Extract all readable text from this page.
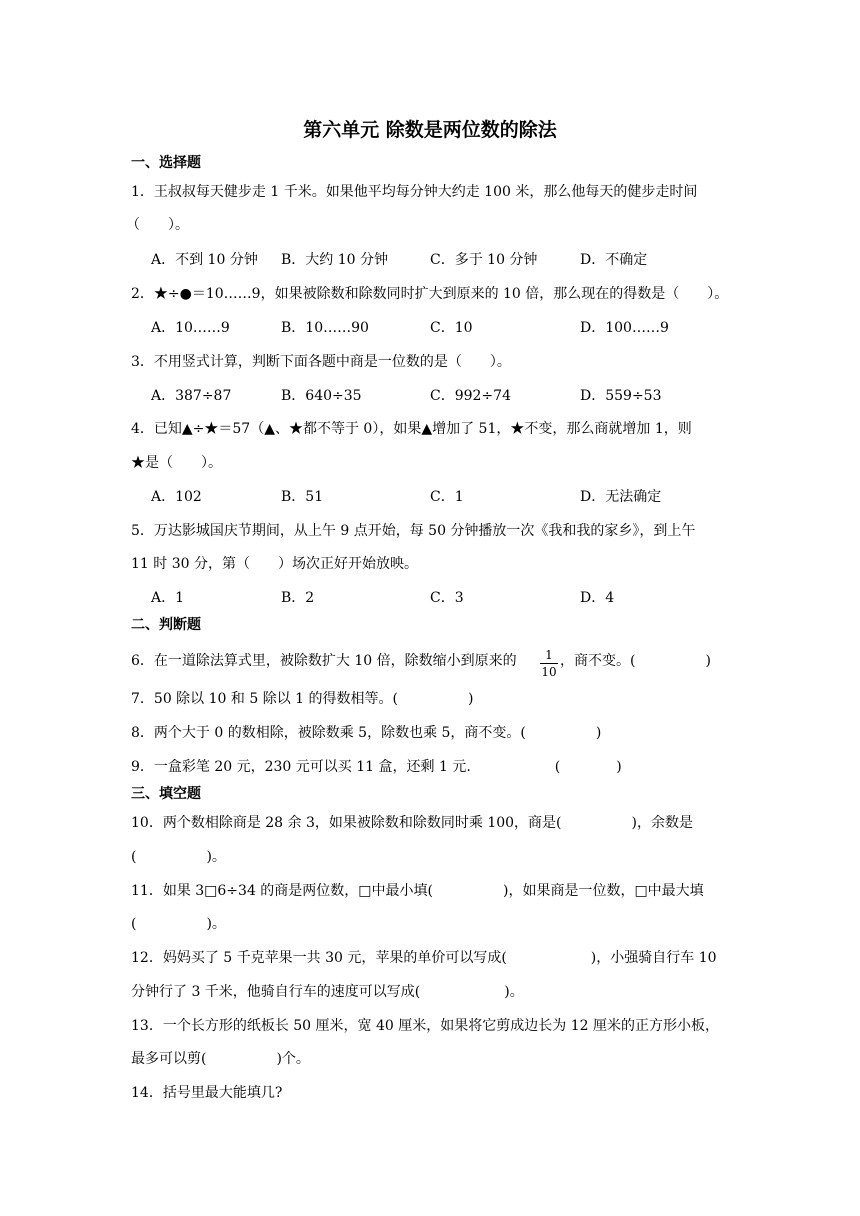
第六单元 除数是两位数的除法
一、选择题
1．王叔叔每天健步走 1 千米。如果他平均每分钟大约走 100 米，那么他每天的健步走时间
（　　）。
A．不到 10 分钟 B．大约 10 分钟	C．多于 10 分钟	D．不确定
2．★÷●＝10……9，如果被除数和除数同时扩大到原来的 10 倍，那么现在的得数是（　　）。
A．10……9	B．10……90	C．10	D．100……9
3．不用竖式计算，判断下面各题中商是一位数的是（　　）。
A．387÷87	B．640÷35	C．992÷74	D．559÷53
4．已知▲÷★＝57（▲、★都不等于 0），如果▲增加了 51，★不变，那么商就增加 1，则
★是（　　）。
A．102	B．51	C．1	D．无法确定
5．万达影城国庆节期间，从上午 9 点开始，每 50 分钟播放一次《我和我的家乡》，到上午
11 时 30 分，第（　　）场次正好开始放映。
A．1	B．2	C．3	D．4
二、判断题
6．在一道除法算式里，被除数扩大 10 倍，除数缩小到原来的	1
10
，商不变。(　　　　　)
7．50 除以 10 和 5 除以 1 的得数相等。(　　　　　)
8．两个大于 0 的数相除，被除数乘 5，除数也乘 5，商不变。(　　　　　)
9．一盒彩笔 20 元，230 元可以买 11 盒，还剩 1 元.　　　　　　(　　　　)
三、填空题
10．两个数相除商是 28 余 3，如果被除数和除数同时乘 100，商是(　　　　　)，余数是
(　　　　　)。
11．如果 3□6÷34 的商是两位数，□中最小填(　　　　　)，如果商是一位数，□中最大填
(　　　　　)。
12．妈妈买了 5 千克苹果一共 30 元，苹果的单价可以写成(　　　　　　)，小强骑自行车 10
分钟行了 3 千米，他骑自行车的速度可以写成(　　　　　　)。
13．一个长方形的纸板长 50 厘米，宽 40 厘米，如果将它剪成边长为 12 厘米的正方形小板，
最多可以剪(　　　　　)个。
14．括号里最大能填几?
